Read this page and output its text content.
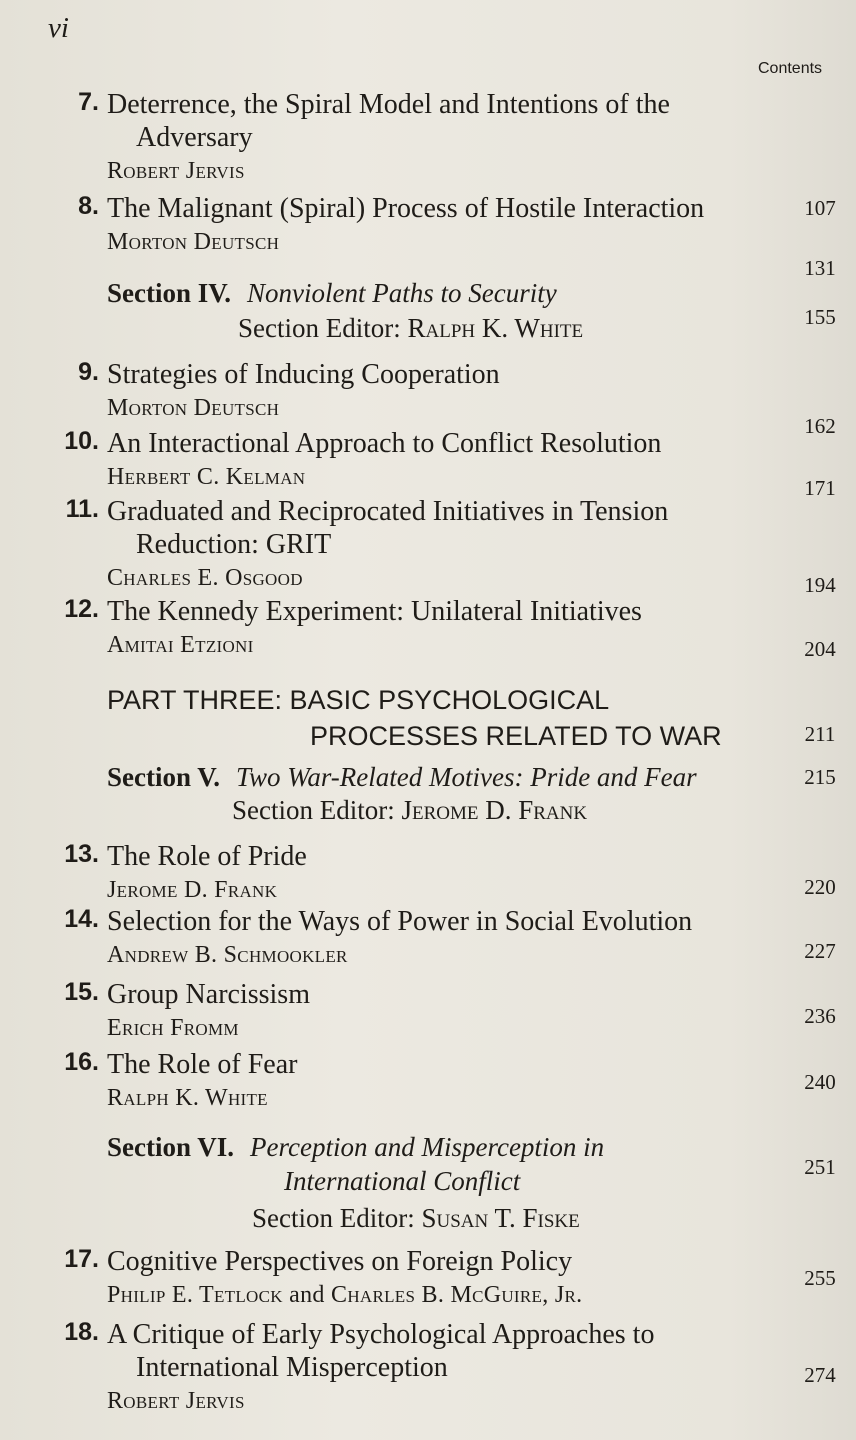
vi
Contents
7. Deterrence, the Spiral Model and Intentions of the
Adversary
Robert Jervis
8. The Malignant (Spiral) Process of Hostile Interaction
Morton Deutsch
Section IV. Nonviolent Paths to Security
Section Editor: Ralph K. White
9. Strategies of Inducing Cooperation
Morton Deutsch
10. An Interactional Approach to Conflict Resolution
Herbert C. Kelman
11. Graduated and Reciprocated Initiatives in Tension
Reduction: GRIT
Charles E. Osgood
12. The Kennedy Experiment: Unilateral Initiatives
Amitai Etzioni
PART THREE: BASIC PSYCHOLOGICAL
PROCESSES RELATED TO WAR
Section V. Two War-Related Motives: Pride and Fear
Section Editor: Jerome D. Frank
13. The Role of Pride
Jerome D. Frank
14. Selection for the Ways of Power in Social Evolution
Andrew B. Schmookler
15. Group Narcissism
Erich Fromm
16. The Role of Fear
Ralph K. White
Section VI. Perception and Misperception in
International Conflict
Section Editor: Susan T. Fiske
17. Cognitive Perspectives on Foreign Policy
Philip E. Tetlock and Charles B. McGuire, Jr.
18. A Critique of Early Psychological Approaches to
International Misperception
Robert Jervis
107
131
155
162
171
194
204
211
215
220
227
236
240
251
255
274
